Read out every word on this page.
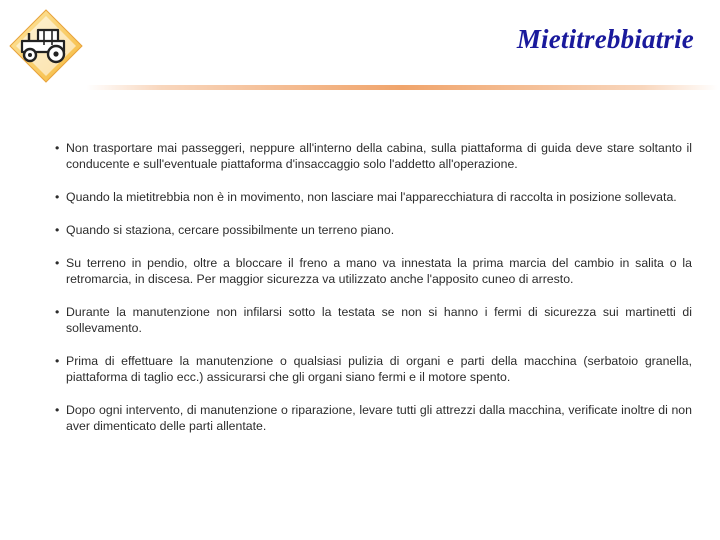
Mietitrebbiatrie
• Non trasportare mai passeggeri, neppure all'interno della cabina, sulla piattaforma di guida deve stare soltanto il conducente e sull'eventuale piattaforma d'insaccaggio solo l'addetto all'operazione.
• Quando la mietitrebbia non è in movimento, non lasciare mai l'apparecchiatura di raccolta in posizione sollevata.
• Quando si staziona, cercare possibilmente un terreno piano.
• Su terreno in pendio, oltre a bloccare il freno a mano va innestata la prima marcia del cambio in salita o la retromarcia, in discesa. Per maggior sicurezza va utilizzato anche l'apposito cuneo di arresto.
• Durante la manutenzione non infilarsi sotto la testata se non si hanno i fermi di sicurezza sui martinetti di sollevamento.
• Prima di effettuare la manutenzione o qualsiasi pulizia di organi e parti della macchina (serbatoio granella, piattaforma di taglio ecc.) assicurarsi che gli organi siano fermi e il motore spento.
• Dopo ogni intervento, di manutenzione o riparazione, levare tutti gli attrezzi dalla macchina, verificate inoltre di non aver dimenticato delle parti allentate.
